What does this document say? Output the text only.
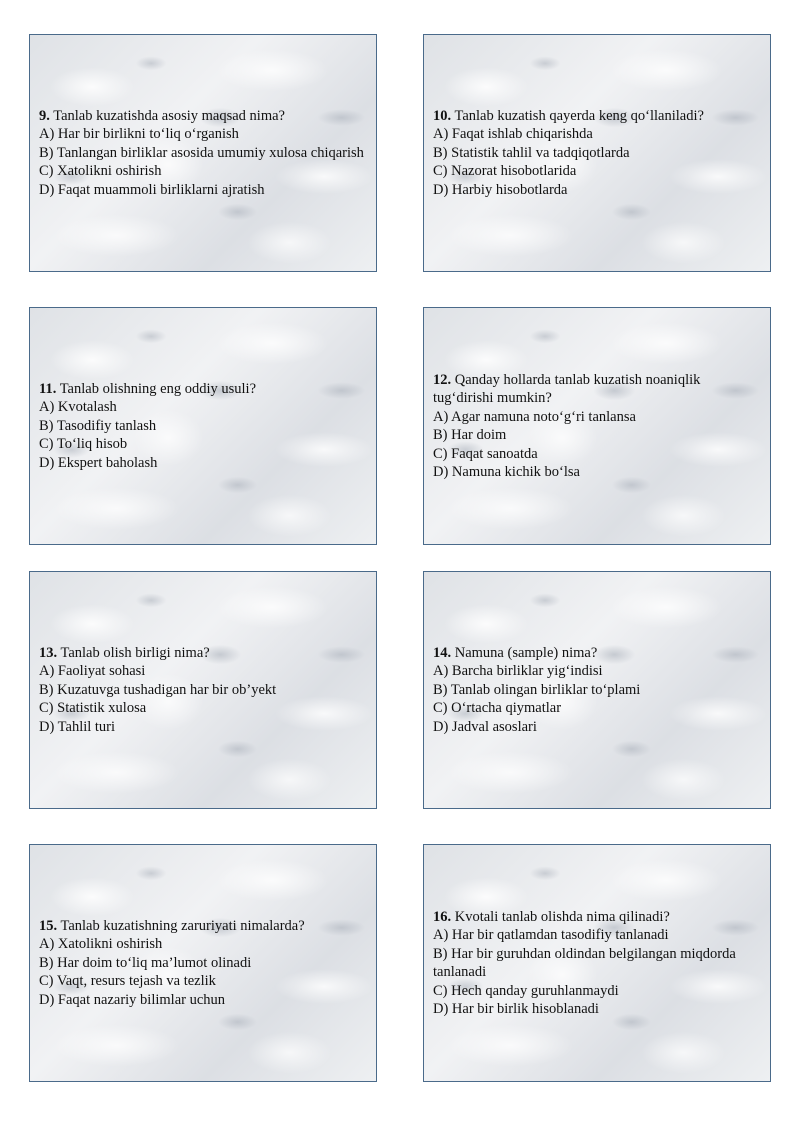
9. Tanlab kuzatishda asosiy maqsad nima?
A) Har bir birlikni to‘liq o‘rganish
B) Tanlangan birliklar asosida umumiy xulosa chiqarish
C) Xatolikni oshirish
D) Faqat muammoli birliklarni ajratish
10. Tanlab kuzatish qayerda keng qo‘llaniladi?
A) Faqat ishlab chiqarishda
B) Statistik tahlil va tadqiqotlarda
C) Nazorat hisobotlarida
D) Harbiy hisobotlarda
11. Tanlab olishning eng oddiy usuli?
A) Kvotalash
B) Tasodifiy tanlash
C) To‘liq hisob
D) Ekspert baholash
12. Qanday hollarda tanlab kuzatish noaniqlik tug‘dirishi mumkin?
A) Agar namuna noto‘g‘ri tanlansa
B) Har doim
C) Faqat sanoatda
D) Namuna kichik bo‘lsa
13. Tanlab olish birligi nima?
A) Faoliyat sohasi
B) Kuzatuvga tushadigan har bir ob’yekt
C) Statistik xulosa
D) Tahlil turi
14. Namuna (sample) nima?
A) Barcha birliklar yig‘indisi
B) Tanlab olingan birliklar to‘plami
C) O‘rtacha qiymatlar
D) Jadval asoslari
15. Tanlab kuzatishning zaruriyati nimalarda?
A) Xatolikni oshirish
B) Har doim to‘liq ma’lumot olinadi
C) Vaqt, resurs tejash va tezlik
D) Faqat nazariy bilimlar uchun
16. Kvotali tanlab olishda nima qilinadi?
A) Har bir qatlamdan tasodifiy tanlanadi
B) Har bir guruhdan oldindan belgilangan miqdorda tanlanadi
C) Hech qanday guruhlanmaydi
D) Har bir birlik hisoblanadi
